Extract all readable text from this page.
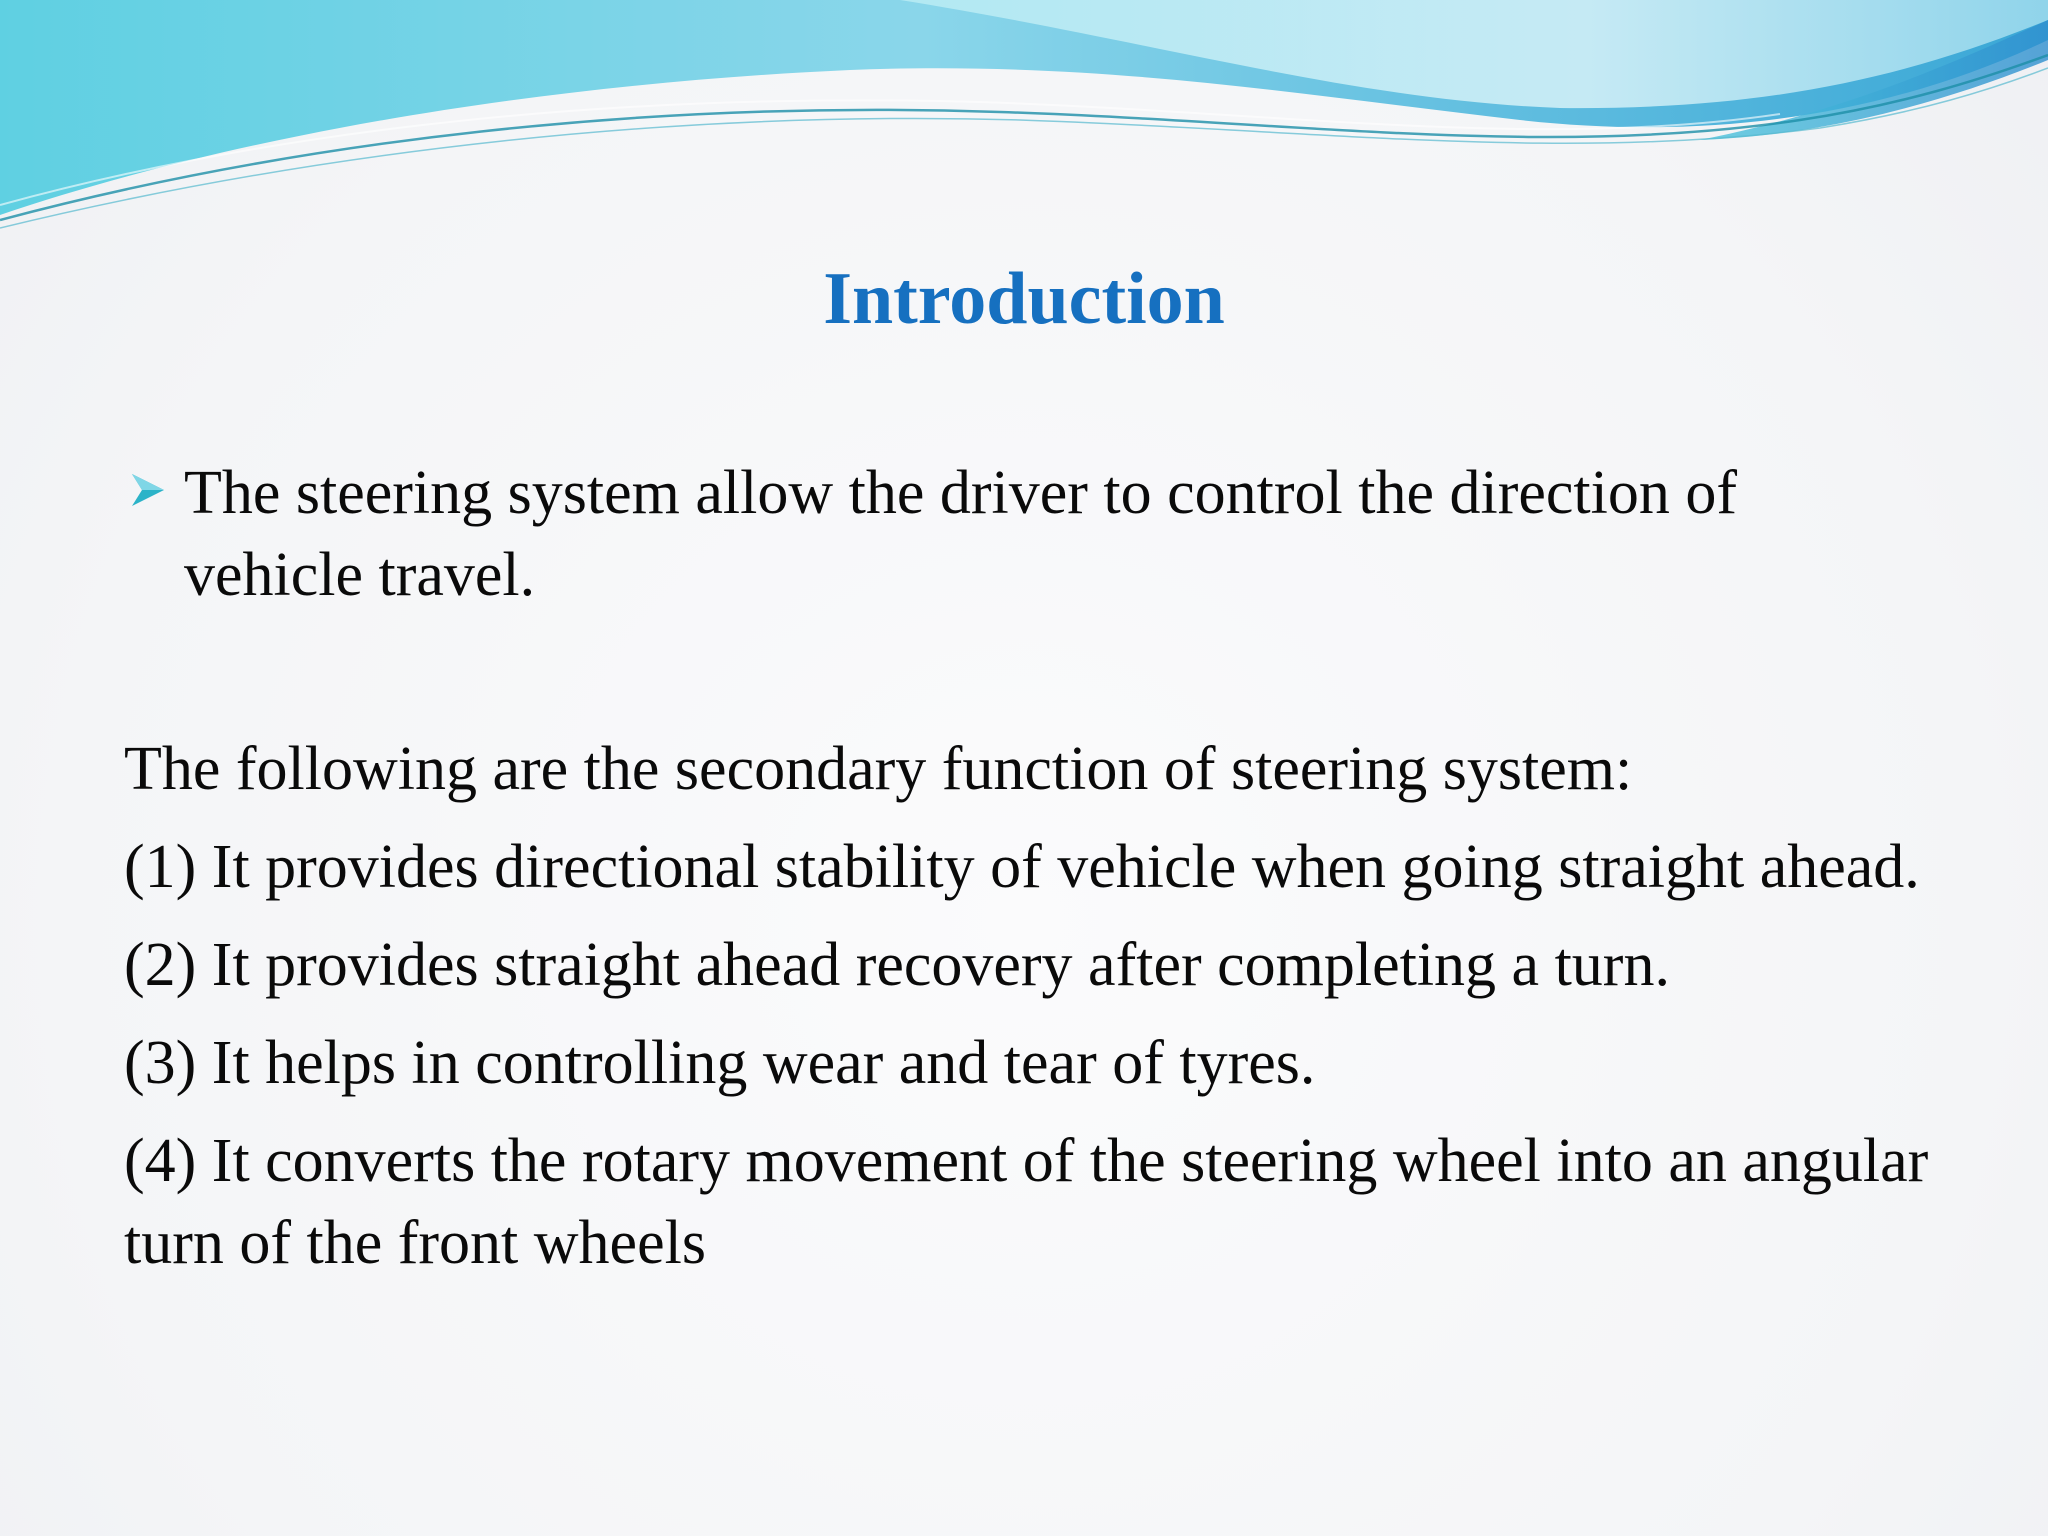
Introduction
The steering system allow the driver to control the direction of vehicle travel.

The following are the secondary function of steering system:

(1) It provides directional stability of vehicle when going straight ahead.

(2) It provides straight ahead recovery after completing a turn.

(3) It helps in controlling wear and tear of tyres.

(4) It converts the rotary movement of the steering wheel into an angular turn of the front wheels
